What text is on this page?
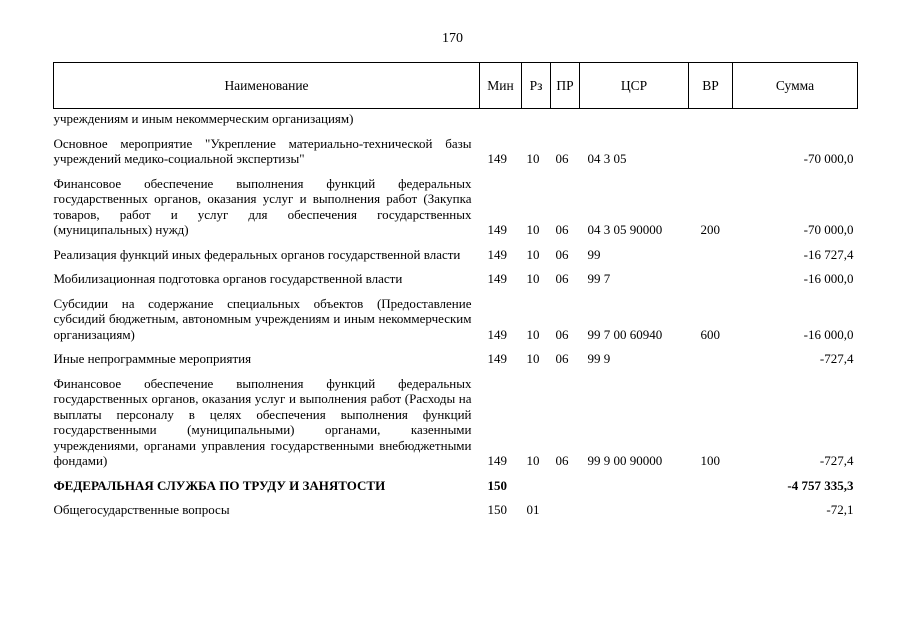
170
Наименование	Мин	Рз	ПР	ЦСР	ВР	Сумма
учреждениям и иным некоммерческим организациям)						
Основное мероприятие "Укрепление материально-технической базы учреждений медико-социальной экспертизы"	149	10	06	04 3 05		-70 000,0
Финансовое обеспечение выполнения функций федеральных государственных органов, оказания услуг и выполнения работ (Закупка товаров, работ и услуг для обеспечения государственных (муниципальных) нужд)	149	10	06	04 3 05 90000	200	-70 000,0
Реализация функций иных федеральных органов государственной власти	149	10	06	99		-16 727,4
Мобилизационная подготовка органов государственной власти	149	10	06	99 7		-16 000,0
Субсидии на содержание специальных объектов (Предоставление субсидий бюджетным, автономным учреждениям и иным некоммерческим организациям)	149	10	06	99 7 00 60940	600	-16 000,0
Иные непрограммные мероприятия	149	10	06	99 9		-727,4
Финансовое обеспечение выполнения функций федеральных государственных органов, оказания услуг и выполнения работ (Расходы на выплаты персоналу в целях обеспечения выполнения функций государственными (муниципальными) органами, казенными учреждениями, органами управления государственными внебюджетными фондами)	149	10	06	99 9 00 90000	100	-727,4
ФЕДЕРАЛЬНАЯ СЛУЖБА ПО ТРУДУ И ЗАНЯТОСТИ	150					-4 757 335,3
Общегосударственные вопросы	150	01				-72,1
